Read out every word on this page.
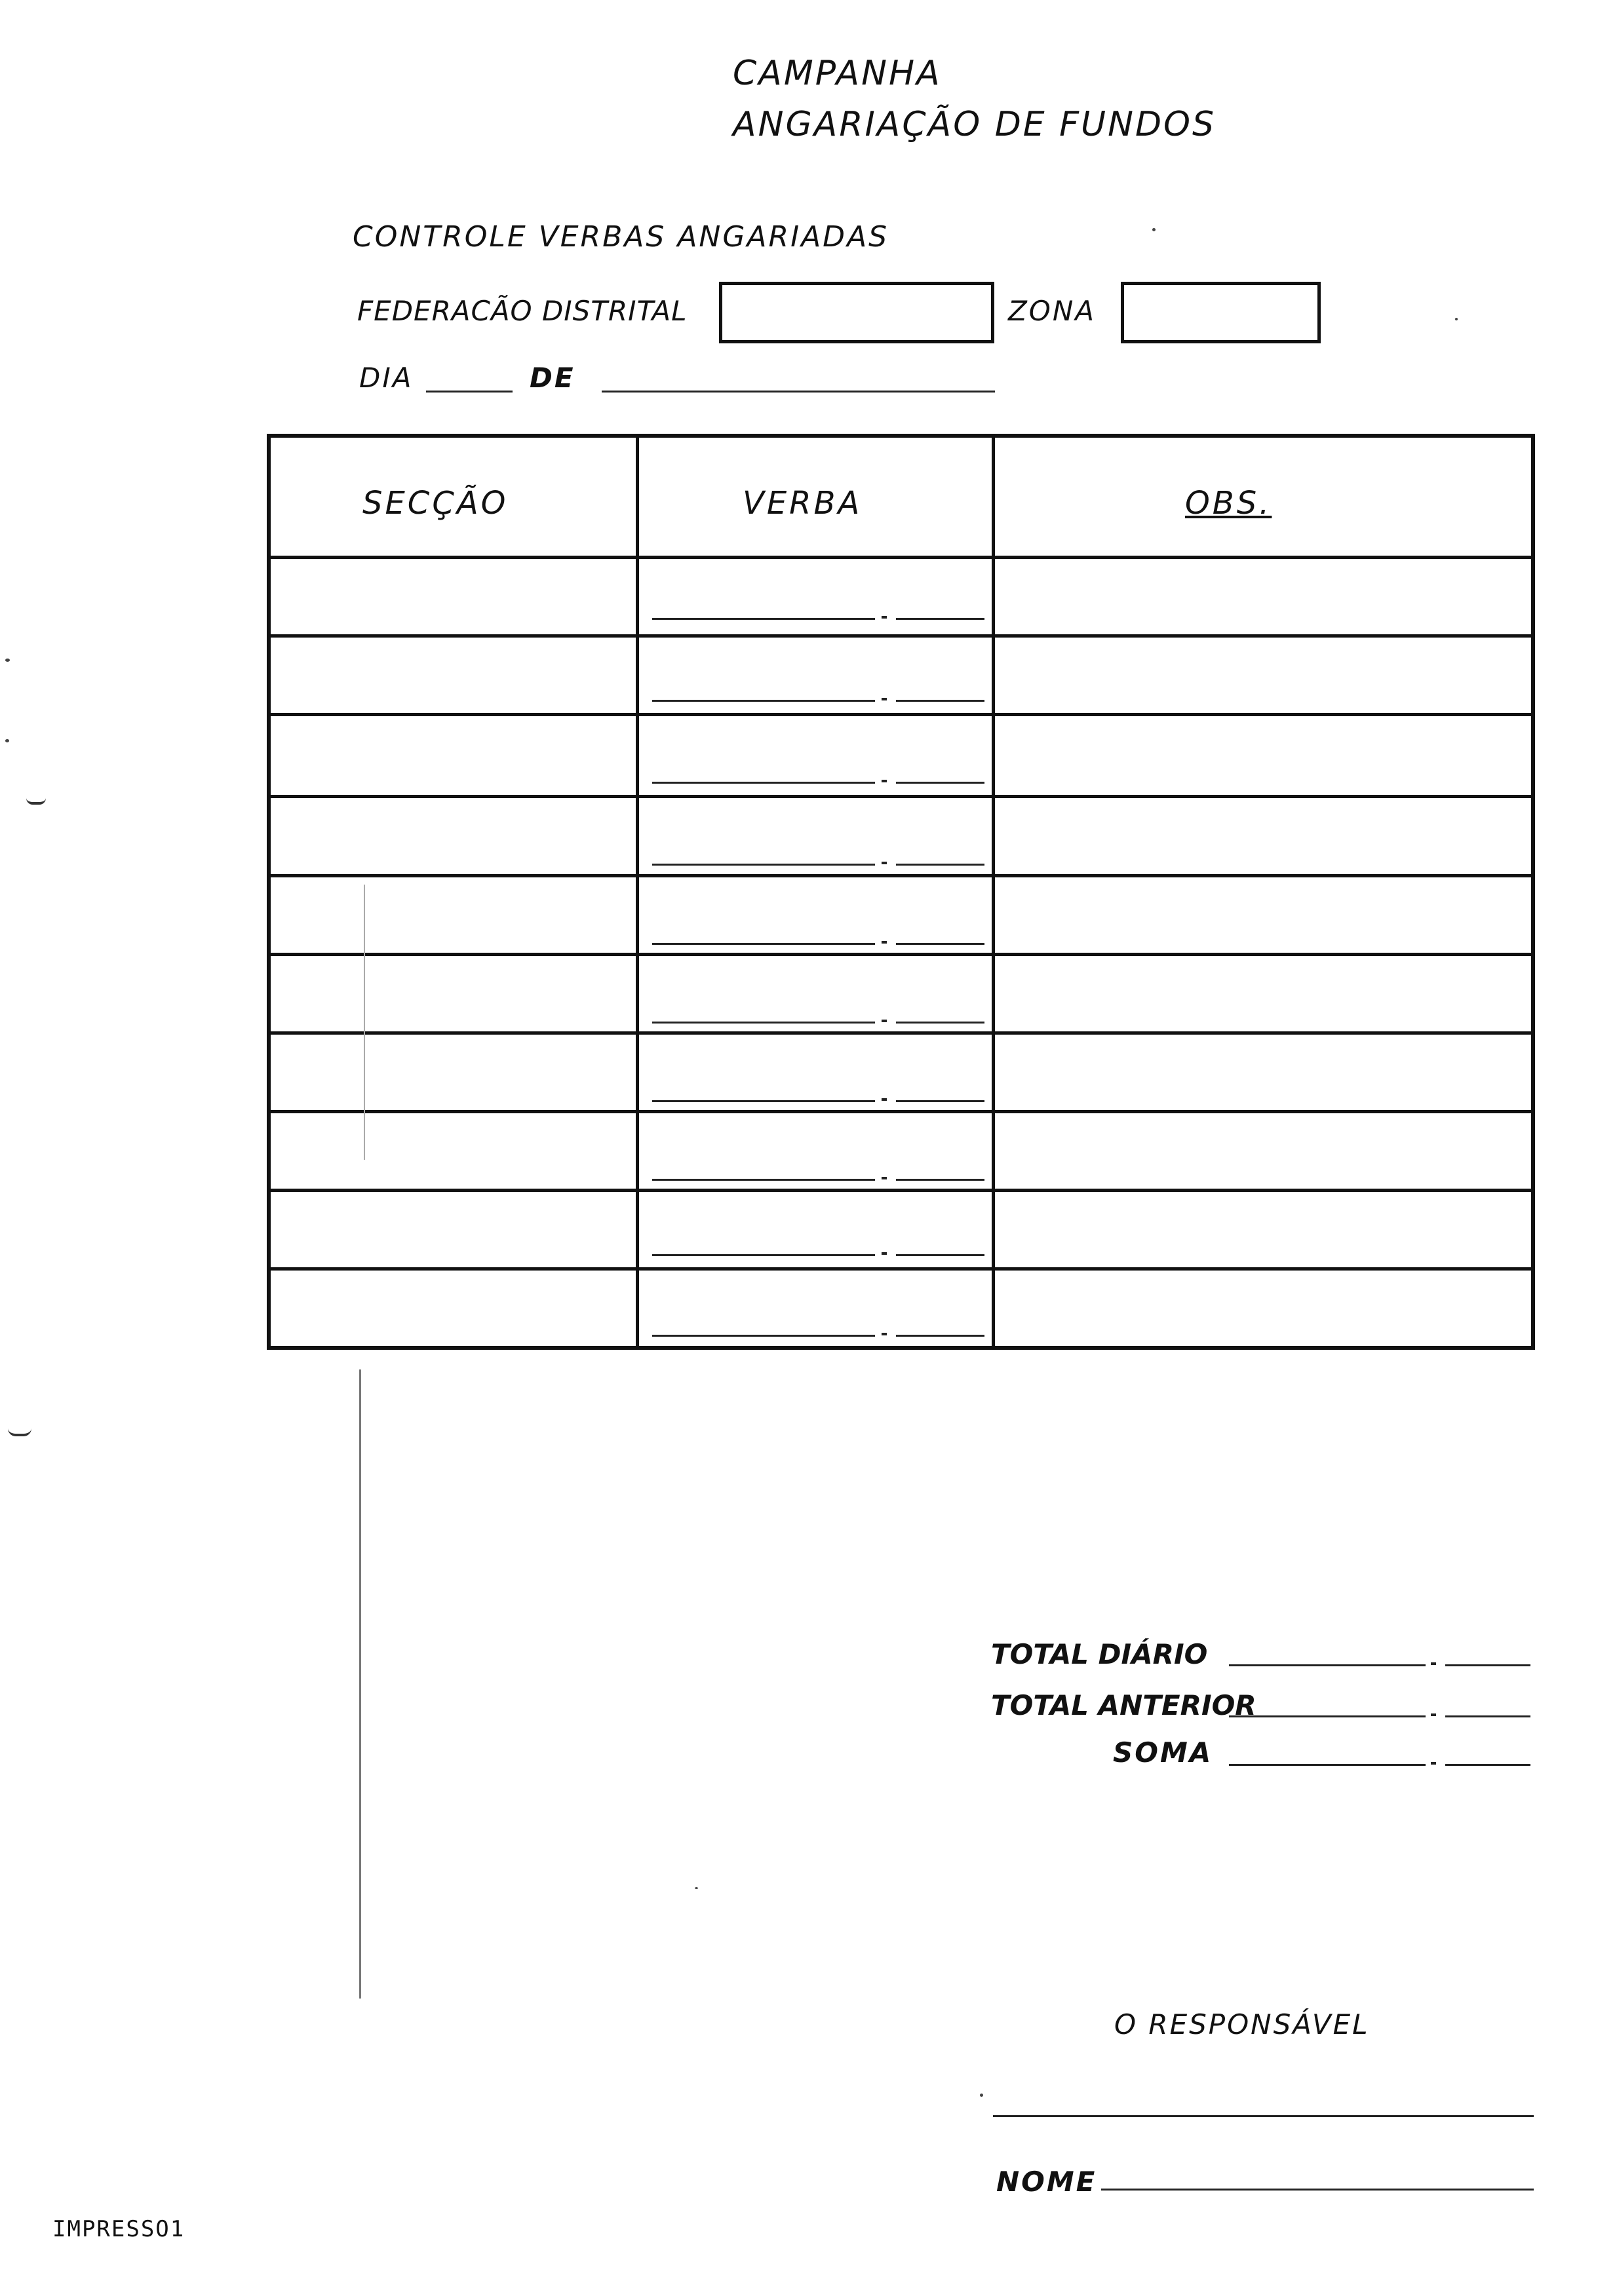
CAMPANHA
ANGARIAÇÃO DE FUNDOS
CONTROLE VERBAS ANGARIADAS
FEDERACÃO DISTRITAL	ZONA
DIA	DE
SECÇÃO	VERBA	OBS.
TOTAL DIÁRIO
TOTAL ANTERIOR
SOMA
O RESPONSÁVEL
NOME
IMPRESSO1
